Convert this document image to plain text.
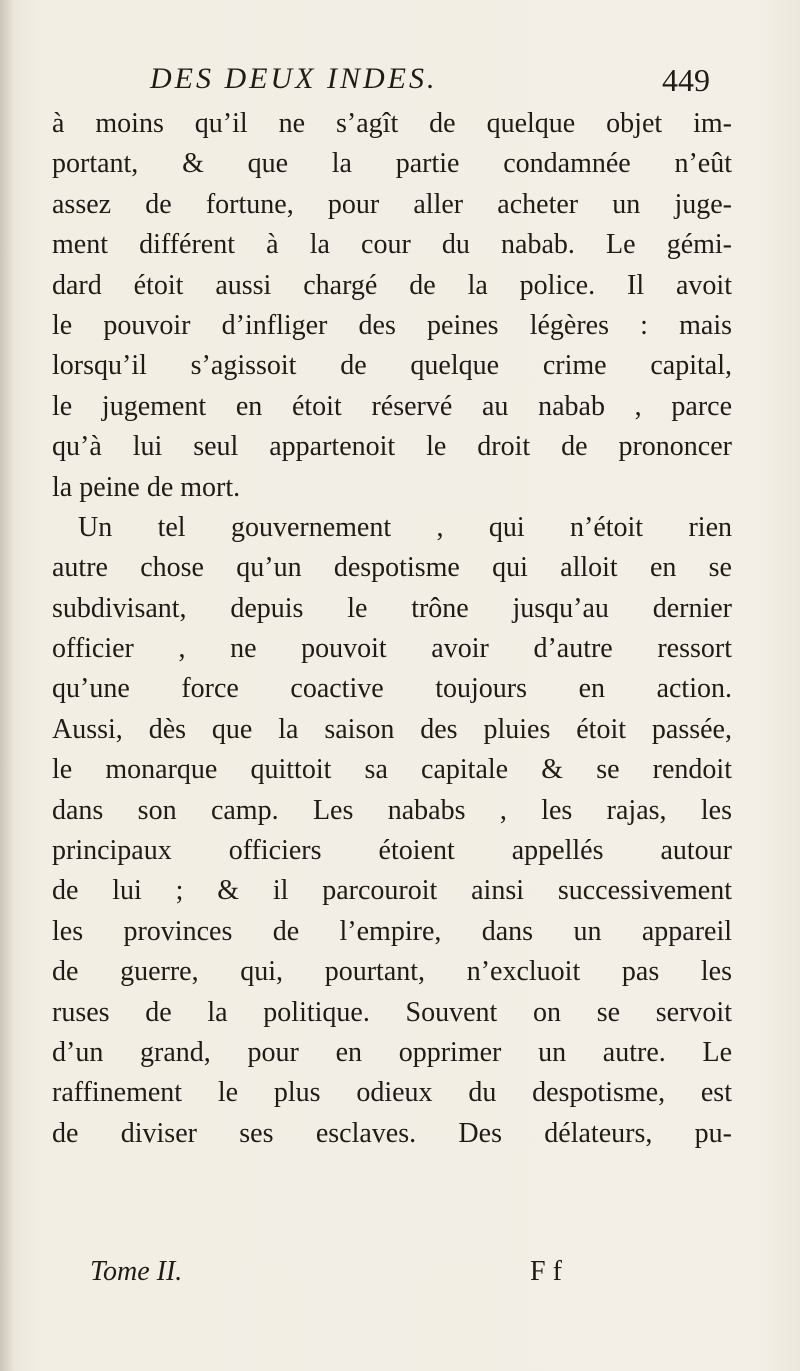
DES DEUX INDES.	449
à moins qu’il ne s’agît de quelque objet im-
portant, & que la partie condamnée n’eût
assez de fortune, pour aller acheter un juge-
ment différent à la cour du nabab. Le gémi-
dard étoit aussi chargé de la police. Il avoit
le pouvoir d’infliger des peines légères : mais
lorsqu’il s’agissoit de quelque crime capital,
le jugement en étoit réservé au nabab , parce
qu’à lui seul appartenoit le droit de prononcer
la peine de mort.
Un tel gouvernement , qui n’étoit rien
autre chose qu’un despotisme qui alloit en se
subdivisant, depuis le trône jusqu’au dernier
officier , ne pouvoit avoir d’autre ressort
qu’une force coactive toujours en action.
Aussi, dès que la saison des pluies étoit passée,
le monarque quittoit sa capitale & se rendoit
dans son camp. Les nababs , les rajas, les
principaux officiers étoient appellés autour
de lui ; & il parcouroit ainsi successivement
les provinces de l’empire, dans un appareil
de guerre, qui, pourtant, n’excluoit pas les
ruses de la politique. Souvent on se servoit
d’un grand, pour en opprimer un autre. Le
raffinement le plus odieux du despotisme, est
de diviser ses esclaves. Des délateurs, pu-
Tome II.	F f
